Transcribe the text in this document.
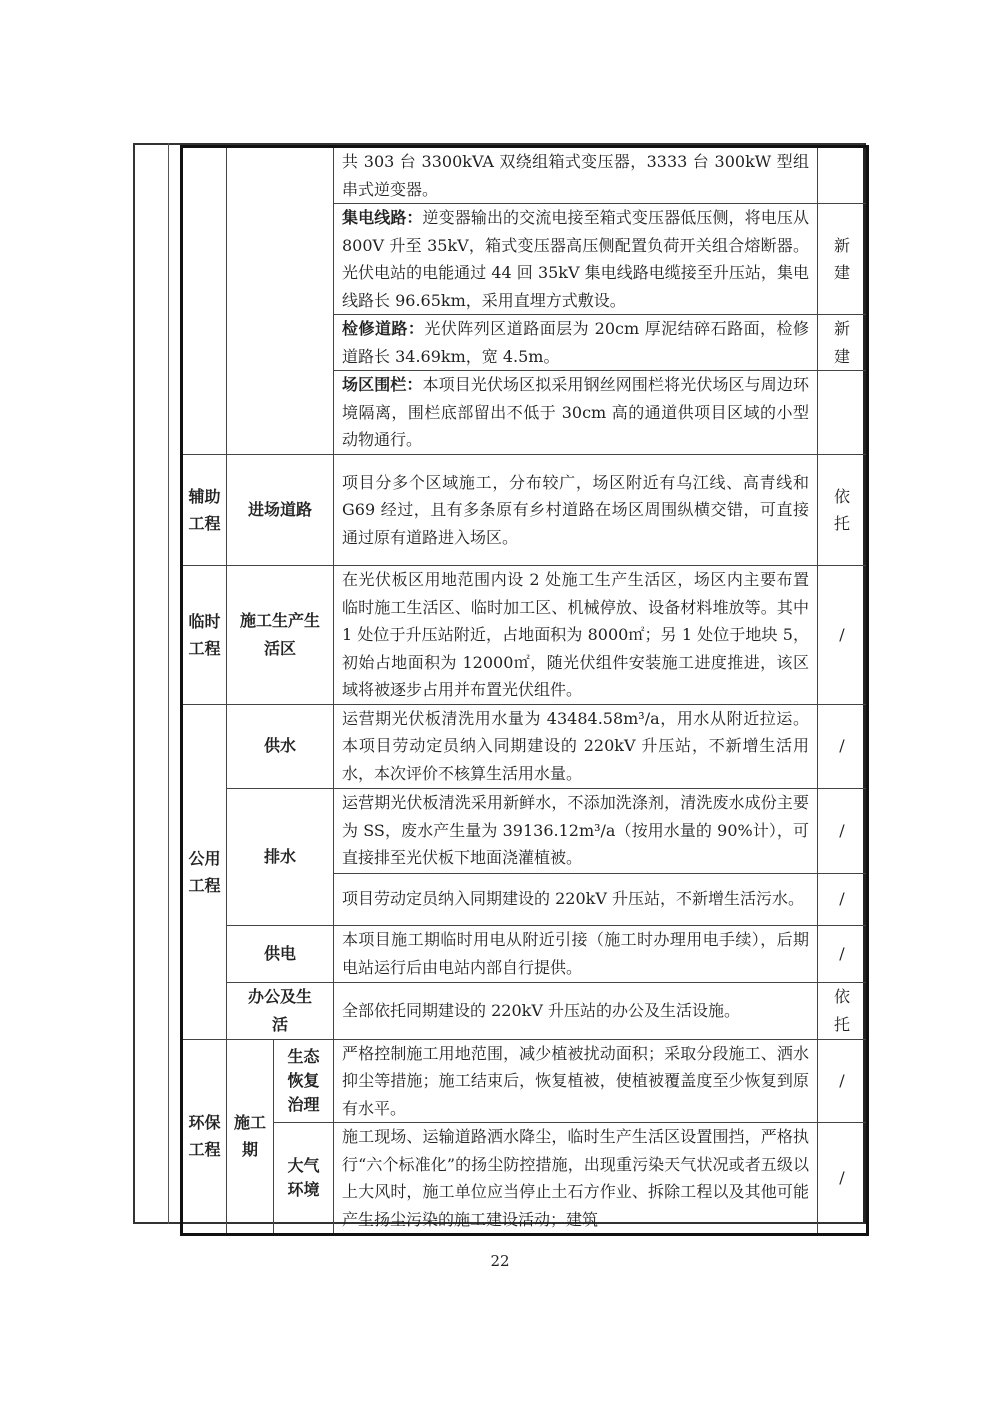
			共 303 台 3300kVA 双绕组箱式变压器，3333 台 300kW 型组串式逆变器。	
			集电线路：逆变器输出的交流电接至箱式变压器低压侧，将电压从 800V 升至 35kV，箱式变压器高压侧配置负荷开关组合熔断器。光伏电站的电能通过 44 回 35kV 集电线路电缆接至升压站，集电线路长 96.65km，采用直埋方式敷设。	新建
			检修道路：光伏阵列区道路面层为 20cm 厚泥结碎石路面，检修道路长 34.69km，宽 4.5m。	新建
			场区围栏：本项目光伏场区拟采用钢丝网围栏将光伏场区与周边环境隔离，围栏底部留出不低于 30cm 高的通道供项目区域的小型动物通行。	
辅助工程	进场道路		项目分多个区域施工，分布较广，场区附近有乌江线、高青线和 G69 经过，且有多条原有乡村道路在场区周围纵横交错，可直接通过原有道路进入场区。	依托
临时工程	施工生产生活区		在光伏板区用地范围内设 2 处施工生产生活区，场区内主要布置临时施工生活区、临时加工区、机械停放、设备材料堆放等。其中 1 处位于升压站附近，占地面积为 8000㎡；另 1 处位于地块 5，初始占地面积为 12000㎡，随光伏组件安装施工进度推进，该区域将被逐步占用并布置光伏组件。	/
公用工程	供水		运营期光伏板清洗用水量为 43484.58m³/a，用水从附近拉运。本项目劳动定员纳入同期建设的 220kV 升压站，不新增生活用水，本次评价不核算生活用水量。	/
	排水		运营期光伏板清洗采用新鲜水，不添加洗涤剂，清洗废水成份主要为 SS，废水产生量为 39136.12m³/a（按用水量的 90%计），可直接排至光伏板下地面浇灌植被。	/
			项目劳动定员纳入同期建设的 220kV 升压站，不新增生活污水。	/
	供电		本项目施工期临时用电从附近引接（施工时办理用电手续），后期电站运行后由电站内部自行提供。	/
	办公及生活		全部依托同期建设的 220kV 升压站的办公及生活设施。	依托
环保工程	施工期	生态恢复治理	严格控制施工用地范围，减少植被扰动面积；采取分段施工、洒水抑尘等措施；施工结束后，恢复植被，使植被覆盖度至少恢复到原有水平。	/
		大气环境	施工现场、运输道路洒水降尘，临时生产生活区设置围挡，严格执行“六个标准化”的扬尘防控措施，出现重污染天气状况或者五级以上大风时，施工单位应当停止土石方作业、拆除工程以及其他可能产生扬尘污染的施工建设活动；建筑	/
22
